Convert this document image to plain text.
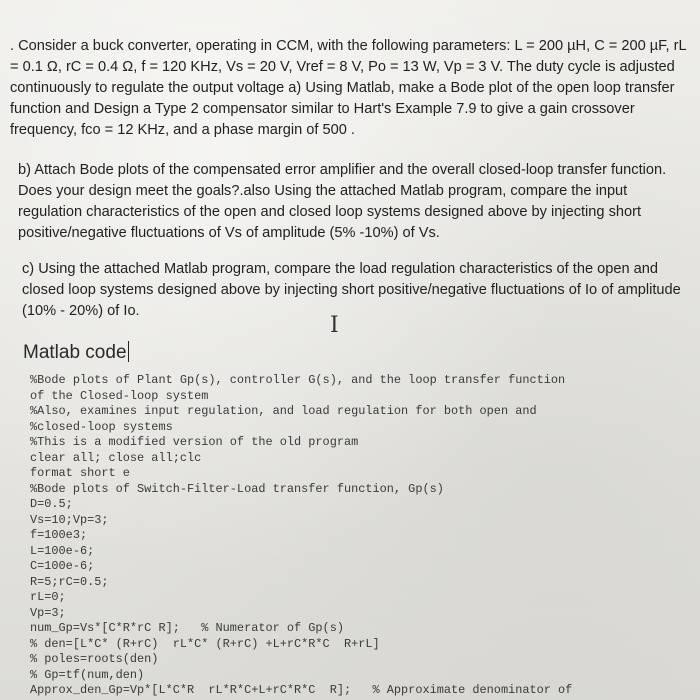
. Consider a buck converter, operating in CCM, with the following parameters: L = 200 µH, C = 200 µF, rL = 0.1 Ω, rC = 0.4 Ω, f = 120 KHz, Vs = 20 V, Vref = 8 V, Po = 13 W, Vp = 3 V. The duty cycle is adjusted continuously to regulate the output voltage a) Using Matlab, make a Bode plot of the open loop transfer function and Design a Type 2 compensator similar to Hart's Example 7.9 to give a gain crossover frequency, fco = 12 KHz, and a phase margin of 500 .

b) Attach Bode plots of the compensated error amplifier and the overall closed-loop transfer function. Does your design meet the goals?.also Using the attached Matlab program, compare the input regulation characteristics of the open and closed loop systems designed above by injecting short positive/negative fluctuations of Vs of amplitude (5% -10%) of Vs.

c) Using the attached Matlab program, compare the load regulation characteristics of the open and closed loop systems designed above by injecting short positive/negative fluctuations of Io of amplitude (10% - 20%) of Io.

I
Matlab code
%Bode plots of Plant Gp(s), controller G(s), and the loop transfer function
of the Closed-loop system
%Also, examines input regulation, and load regulation for both open and
%closed-loop systems
%This is a modified version of the old program
clear all; close all;clc
format short e
%Bode plots of Switch-Filter-Load transfer function, Gp(s)
D=0.5;
Vs=10;Vp=3;
f=100e3;
L=100e-6;
C=100e-6;
R=5;rC=0.5;
rL=0;
Vp=3;
num_Gp=Vs*[C*R*rC R];   % Numerator of Gp(s)
% den=[L*C* (R+rC)  rL*C* (R+rC) +L+rC*R*C  R+rL]
% poles=roots(den)
% Gp=tf(num,den)
Approx_den_Gp=Vp*[L*C*R  rL*R*C+L+rC*R*C  R];   % Approximate denominator of
